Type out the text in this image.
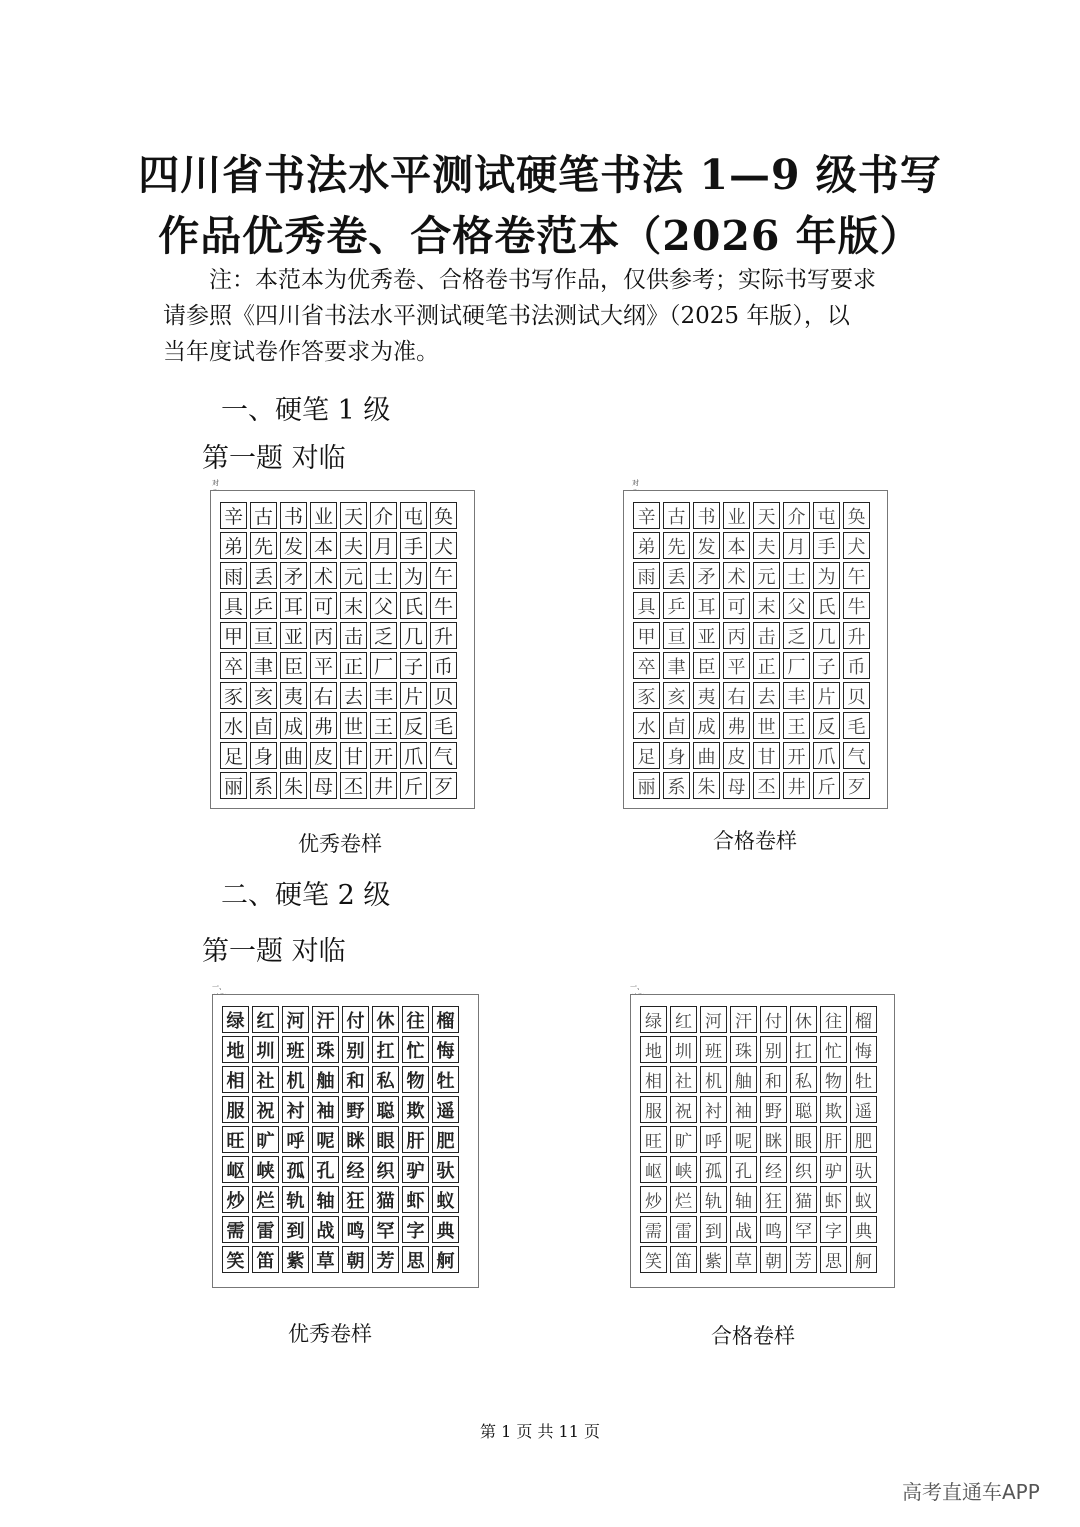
四川省书法水平测试硬笔书法 1—9 级书写
作品优秀卷、合格卷范本（2026 年版）

注：本范本为优秀卷、合格卷书写作品，仅供参考；实际书写要求

请参照《四川省书法水平测试硬笔书法测试大纲》（2025 年版），以

当年度试卷作答要求为准。

一、硬笔 1 级
第一题 对临
对
辛 古 书 业 天 介 屯 奂
弟 先 发 本 夫 月 手 犬
雨 丢 矛 术 元 士 为 午
具 乒 耳 可 末 父 氏 牛
甲 亘 亚 丙 击 乏 几 升
卒 聿 臣 平 正 厂 子 币
豕 亥 夷 右 去 丰 片 贝
水 卣 成 弗 世 王 反 毛
足 身 曲 皮 甘 开 爪 气
丽 系 朱 母 丕 井 斤 歹
对
辛 古 书 业 天 介 屯 奂
弟 先 发 本 夫 月 手 犬
雨 丢 矛 术 元 士 为 午
具 乒 耳 可 末 父 氏 牛
甲 亘 亚 丙 击 乏 几 升
卒 聿 臣 平 正 厂 子 币
豕 亥 夷 右 去 丰 片 贝
水 卣 成 弗 世 王 反 毛
足 身 曲 皮 甘 开 爪 气
丽 系 朱 母 丕 井 斤 歹
优秀卷样	合格卷样
二、硬笔 2 级
第一题 对临
一、
绿 红 河 汗 付 休 往 榴
地 圳 班 珠 别 扛 忙 悔
相 社 机 舳 和 私 物 牡
服 祝 衬 袖 野 聪 欺 遥
旺 旷 呼 呢 眯 眼 肝 肥
岖 峡 孤 孔 经 织 驴 驮
炒 烂 轨 轴 狂 猫 虾 蚁
需 雷 到 战 鸣 罕 字 典
笑 笛 紫 草 朝 芳 思 舸
一、
绿 红 河 汗 付 休 往 榴
地 圳 班 珠 别 扛 忙 悔
相 社 机 舳 和 私 物 牡
服 祝 衬 袖 野 聪 欺 遥
旺 旷 呼 呢 眯 眼 肝 肥
岖 峡 孤 孔 经 织 驴 驮
炒 烂 轨 轴 狂 猫 虾 蚁
需 雷 到 战 鸣 罕 字 典
笑 笛 紫 草 朝 芳 思 舸
优秀卷样	合格卷样
第 1 页 共 11 页
高考直通车APP
